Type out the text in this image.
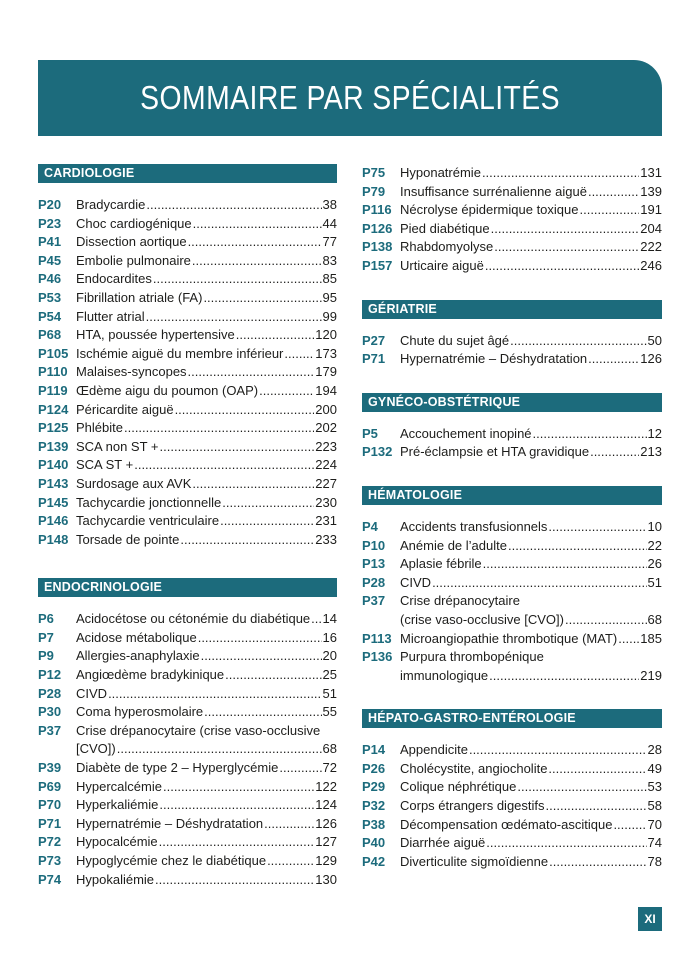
SOMMAIRE PAR SPÉCIALITÉS
CARDIOLOGIE
P20	Bradycardie .....	38
P23	Choc cardiogénique .....	44
P41	Dissection aortique .....	77
P45	Embolie pulmonaire .....	83
P46	Endocardites .....	85
P53	Fibrillation atriale (FA) .....	95
P54	Flutter atrial .....	99
P68	HTA, poussée hypertensive .....	120
P105 Ischémie aiguë du membre inférieur ..... 173
P110 Malaises-syncopes .....	179
P119 Œdème aigu du poumon (OAP) .....	194
P124 Péricardite aiguë .....	200
P125 Phlébite .....	202
P139 SCA non ST + .....	223
P140 SCA ST + .....	224
P143 Surdosage aux AVK .....	227
P145 Tachycardie jonctionnelle .....	230
P146 Tachycardie ventriculaire .....	231
P148 Torsade de pointe .....	233
ENDOCRINOLOGIE
P6	Acidocétose ou cétonémie du diabétique ..... 14
P7	Acidose métabolique .....	16
P9	Allergies-anaphylaxie .....	20
P12	Angiœdème bradykinique .....	25
P28	CIVD .....	51
P30	Coma hyperosmolaire .....	55
P37	Crise drépanocytaire (crise vaso-occlusive
[CVO]) .....	68
P39	Diabète de type 2 – Hyperglycémie .....	72
P69	Hypercalcémie .....	122
P70	Hyperkaliémie .....	124
P71	Hypernatrémie – Déshydratation .....	126
P72	Hypocalcémie .....	127
P73	Hypoglycémie chez le diabétique .....	129
P74	Hypokaliémie .....	130
P75	Hyponatrémie .....	131
P79	Insuffisance surrénalienne aiguë .....	139
P116 Nécrolyse épidermique toxique .....	191
P126 Pied diabétique .....	204
P138 Rhabdomyolyse .....	222
P157 Urticaire aiguë .....	246
GÉRIATRIE
P27	Chute du sujet âgé .....	50
P71	Hypernatrémie – Déshydratation .....	126
GYNÉCO-OBSTÉTRIQUE
P5	Accouchement inopiné .....	12
P132 Pré-éclampsie et HTA gravidique .....	213
HÉMATOLOGIE
P4	Accidents transfusionnels .....	10
P10	Anémie de l’adulte .....	22
P13	Aplasie fébrile .....	26
P28	CIVD .....	51
P37	Crise drépanocytaire
(crise vaso-occlusive [CVO]) .....	68
P113 Microangiopathie thrombotique (MAT) ..... 185
P136 Purpura thrombopénique
immunologique .....	219
HÉPATO-GASTRO-ENTÉROLOGIE
P14	Appendicite .....	28
P26	Cholécystite, angiocholite .....	49
P29	Colique néphrétique .....	53
P32	Corps étrangers digestifs .....	58
P38	Décompensation œdémato-ascitique .....	70
P40	Diarrhée aiguë .....	74
P42	Diverticulite sigmoïdienne .....	78
XI
